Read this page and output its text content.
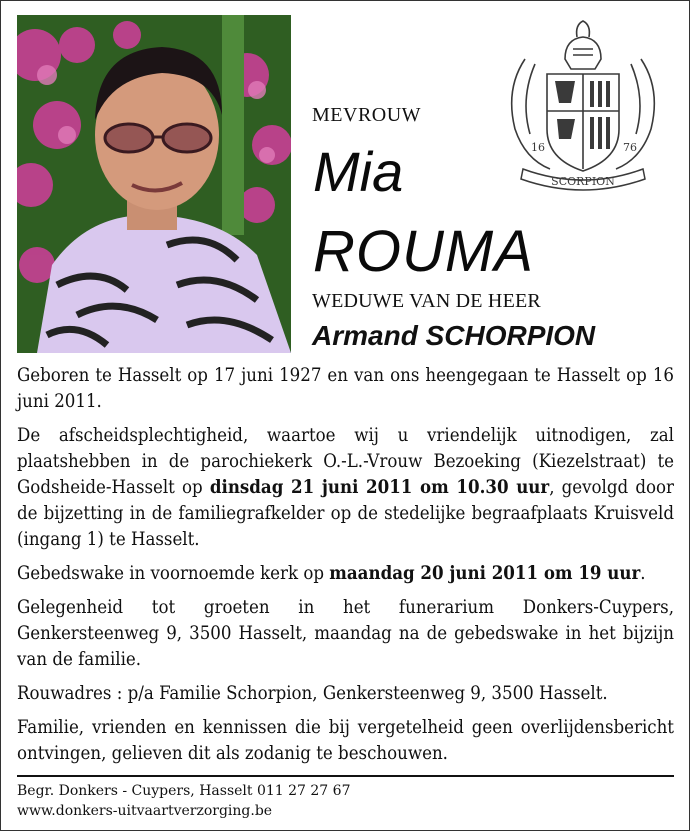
MEVROUW
Mia
ROUMA
WEDUWE VAN DE HEER
Armand SCHORPION
SCORPION
16	76

Geboren te Hasselt op 17 juni 1927 en van ons heengegaan te Hasselt op 16 juni 2011.

De afscheidsplechtigheid, waartoe wij u vriendelijk uitnodigen, zal plaatshebben in de parochiekerk O.-L.-Vrouw Bezoeking (Kiezelstraat) te Godsheide-Hasselt op dinsdag 21 juni 2011 om 10.30 uur, gevolgd door de bijzetting in de familiegrafkelder op de stedelijke begraafplaats Kruisveld (ingang 1) te Hasselt.

Gebedswake in voornoemde kerk op maandag 20 juni 2011 om 19 uur.

Gelegenheid tot groeten in het funerarium Donkers-Cuypers, Genkersteenweg 9, 3500 Hasselt, maandag na de gebedswake in het bijzijn van de familie.

Rouwadres : p/a Familie Schorpion, Genkersteenweg 9, 3500 Hasselt.

Familie, vrienden en kennissen die bij vergetelheid geen overlijdensbericht ontvingen, gelieven dit als zodanig te beschouwen.

Begr. Donkers - Cuypers, Hasselt 011 27 27 67
www.donkers-uitvaartverzorging.be
